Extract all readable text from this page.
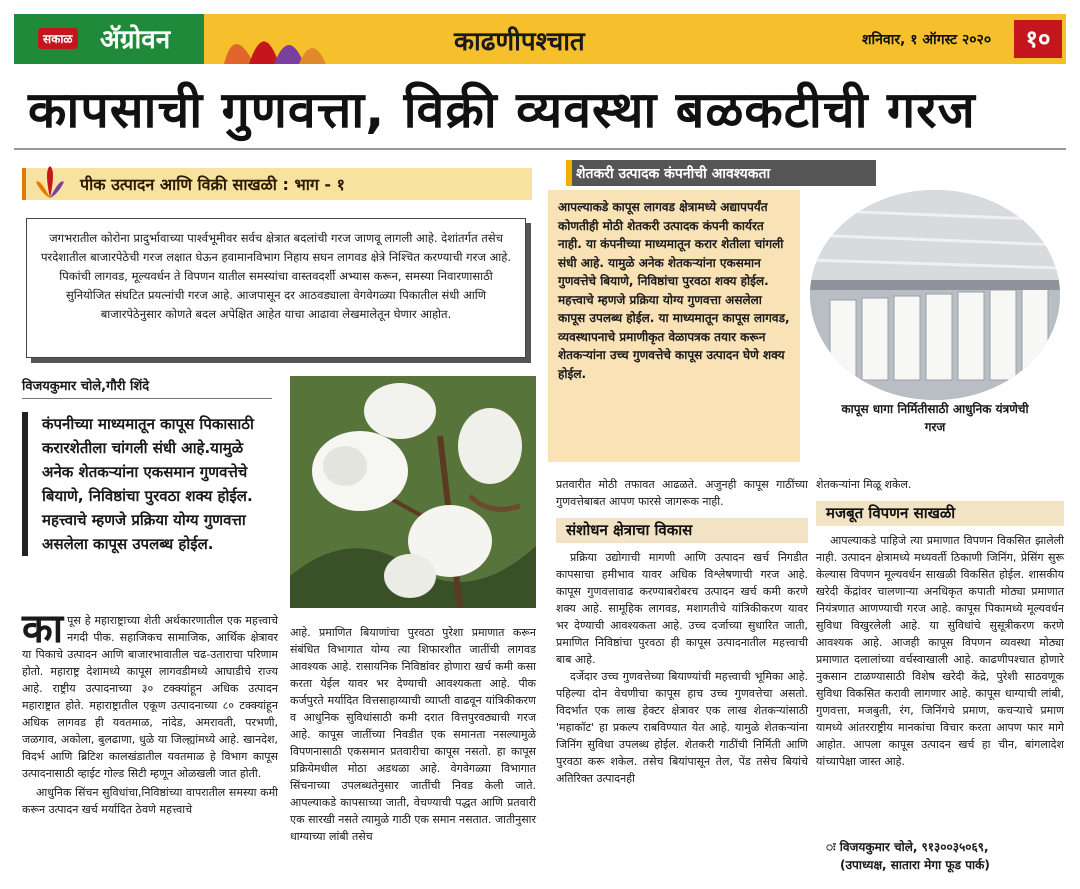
सकाळ ॲग्रोवन	काढणीपश्‍चात	शनिवार, १ ऑगस्ट २०२०	१०
कापसाची गुणवत्ता, विक्री व्यवस्था बळकटीची गरज
पीक उत्पादन आणि विक्री साखळी : भाग - १
जगभरातील कोरोना प्रादुर्भावाच्या पार्श्वभूमीवर सर्वच क्षेत्रात बदलांची गरज जाणवू लागली आहे. देशांतर्गत तसेच परदेशातील बाजारपेठेची गरज लक्षात घेऊन हवामानविभाग निहाय सघन लागवड क्षेत्रे निश्चित करण्याची गरज आहे. पिकांची लागवड, मूल्यवर्धन ते विपणन यातील समस्यांचा वास्तवदर्शी अभ्यास करून, समस्या निवारणासाठी सुनियोजित संघटित प्रयत्नांची गरज आहे. आजपासून दर आठवड्याला वेगवेगळ्या पिकातील संधी आणि बाजारपेठेनुसार कोणते बदल अपेक्षित आहेत याचा आढावा लेखमालेतून घेणार आहोत.
विजयकुमार चोले,गौरी शिंदे
कंपनीच्या माध्यमातून कापूस पिकासाठी करारशेतीला चांगली संधी आहे.यामुळे अनेक शेतकऱ्यांना एकसमान गुणवत्तेचे बियाणे, निविष्ठांचा पुरवठा शक्य होईल. महत्त्वाचे म्हणजे प्रक्रिया योग्य गुणवत्ता असलेला कापूस उपलब्ध होईल.
का पूस हे महाराष्ट्राच्या शेती अर्थकारणातील एक महत्त्वाचे नगदी पीक. सहाजिकच सामाजिक, आर्थिक क्षेत्रावर या पिकाचे उत्पादन आणि बाजारभावातील चढ-उताराचा परिणाम होतो. महाराष्ट्र देशामध्ये कापूस लागवडीमध्ये आघाडीचे राज्य आहे. राष्ट्रीय उत्पादनाच्या ३० टक्क्यांहून अधिक उत्पादन महाराष्ट्रात होते. महाराष्ट्रातील एकूण उत्पादनाच्या ८० टक्क्यांहून अधिक लागवड ही यवतमाळ, नांदेड, अमरावती, परभणी, जळगाव, अकोला, बुलढाणा, धुळे या जिल्ह्यांमध्ये आहे. खानदेश, विदर्भ आणि ब्रिटिश कालखंडातील यवतमाळ हे विभाग कापूस उत्पादनासाठी व्हाईट गोल्ड सिटी म्हणून ओळखली जात होती.

आधुनिक सिंचन सुविधांचा,निविष्ठांच्या वापरातील समस्या कमी करून उत्पादन खर्च मर्यादित ठेवणे महत्त्वाचे

आहे. प्रमाणित बियाणांचा पुरवठा पुरेशा प्रमाणात करून संबंधित विभागात योग्य त्या शिफारशीत जातींची लागवड आवश्यक आहे. रासायनिक निविष्ठांवर होणारा खर्च कमी कसा करता येईल यावर भर देण्याची आवश्यकता आहे. पीक कर्जपुरते मर्यादित वित्तसाहाय्याची व्याप्ती वाढवून यांत्रिकीकरण व आधुनिक सुविधांसाठी कमी दरात वित्तपुरवठ्याची गरज आहे. कापूस जातींच्या निवडीत एक समानता नसल्यामुळे विपणनासाठी एकसमान प्रतवारीचा कापूस नसतो. हा कापूस प्रक्रियेमधील मोठा अडथळा आहे. वेगवेगळ्या विभागात सिंचनाच्या उपलब्धतेनुसार जातींची निवड केली जाते. आपल्याकडे कापसाच्या जाती, वेचण्याची पद्धत आणि प्रतवारी एक सारखी नसते त्यामुळे गाठी एक समान नसतात. जातीनुसार धाग्याच्या लांबी तसेच

शेतकरी उत्पादक कंपनीची आवश्यकता
आपल्याकडे कापूस लागवड क्षेत्रामध्ये अद्यापपर्यंत कोणतीही मोठी शेतकरी उत्पादक कंपनी कार्यरत नाही. या कंपनीच्या माध्यमातून करार शेतीला चांगली संधी आहे. यामुळे अनेक शेतकऱ्यांना एकसमान गुणवत्तेचे बियाणे, निविष्ठांचा पुरवठा शक्य होईल. महत्त्वाचे म्हणजे प्रक्रिया योग्य गुणवत्ता असलेला कापूस उपलब्ध होईल. या माध्यमातून कापूस लागवड, व्यवस्थापनाचे प्रमाणीकृत वेळापत्रक तयार करून शेतकऱ्यांना उच्च गुणवत्तेचे कापूस उत्पादन घेणे शक्य होईल.
कापूस धागा निर्मितीसाठी आधुनिक यंत्रणेची गरज

प्रतवारीत मोठी तफावत आढळते. अजुनही कापूस गाठींच्या गुणवत्तेबाबत आपण फारसे जागरूक नाही.

संशोधन क्षेत्राचा विकास

प्रक्रिया उद्योगाची मागणी आणि उत्पादन खर्च निगडीत कापसाचा हमीभाव यावर अधिक विश्लेषणाची गरज आहे. कापूस गुणवत्तावाढ करण्याबरोबरच उत्पादन खर्च कमी करणे शक्य आहे. सामूहिक लागवड, मशागतीचे यांत्रिकीकरण यावर भर देण्याची आवश्यकता आहे. उच्च दर्जाच्या सुधारित जाती, प्रमाणित निविष्ठांचा पुरवठा ही कापूस उत्पादनातील महत्त्वाची बाब आहे.

दर्जेदार उच्च गुणवत्तेच्या बियाण्यांची महत्त्वाची भूमिका आहे. पहिल्या दोन वेचणीचा कापूस हाच उच्च गुणवत्तेचा असतो. विदर्भात एक लाख हेक्टर क्षेत्रावर एक लाख शेतकऱ्यांसाठी 'महाकॉट' हा प्रकल्प राबविण्यात येत आहे. यामुळे शेतकऱ्यांना जिनिंग सुविधा उपलब्ध होईल. शेतकरी गाठींची निर्मिती आणि पुरवठा करू शकेल. तसेच बियांपासून तेल, पेंड तसेच बियांचे अतिरिक्त उत्पादनही

शेतकऱ्यांना मिळू शकेल.

मजबूत विपणन साखळी

आपल्याकडे पाहिजे त्या प्रमाणात विपणन विकसित झालेली नाही. उत्पादन क्षेत्रामध्ये मध्यवर्ती ठिकाणी जिनिंग, प्रेसिंग सुरू केल्यास विपणन मूल्यवर्धन साखळी विकसित होईल. शासकीय खरेदी केंद्रांवर चालणाऱ्या अनधिकृत कपाती मोठ्या प्रमाणात नियंत्रणात आणण्याची गरज आहे. कापूस पिकामध्ये मूल्यवर्धन सुविधा विखुरलेली आहे. या सुविधांचे सुसूत्रीकरण करणे आवश्यक आहे. आजही कापूस विपणन व्यवस्था मोठ्या प्रमाणात दलालांच्या वर्चस्वाखाली आहे. काढणीपश्चात होणारे नुकसान टाळण्यासाठी विशेष खरेदी केंद्रे, पुरेशी साठवणूक सुविधा विकसित करावी लागणार आहे. कापूस धाग्याची लांबी, गुणवत्ता, मजबुती, रंग, जिनिंगचे प्रमाण, कचऱ्याचे प्रमाण यामध्ये आंतरराष्ट्रीय मानकांचा विचार करता आपण फार मागे आहोत. आपला कापूस उत्पादन खर्च हा चीन, बांगलादेश यांच्यापेक्षा जास्त आहे.

ः विजयकुमार चोले, ९१३००३५०६९,
(उपाध्यक्ष, सातारा मेगा फूड पार्क)
